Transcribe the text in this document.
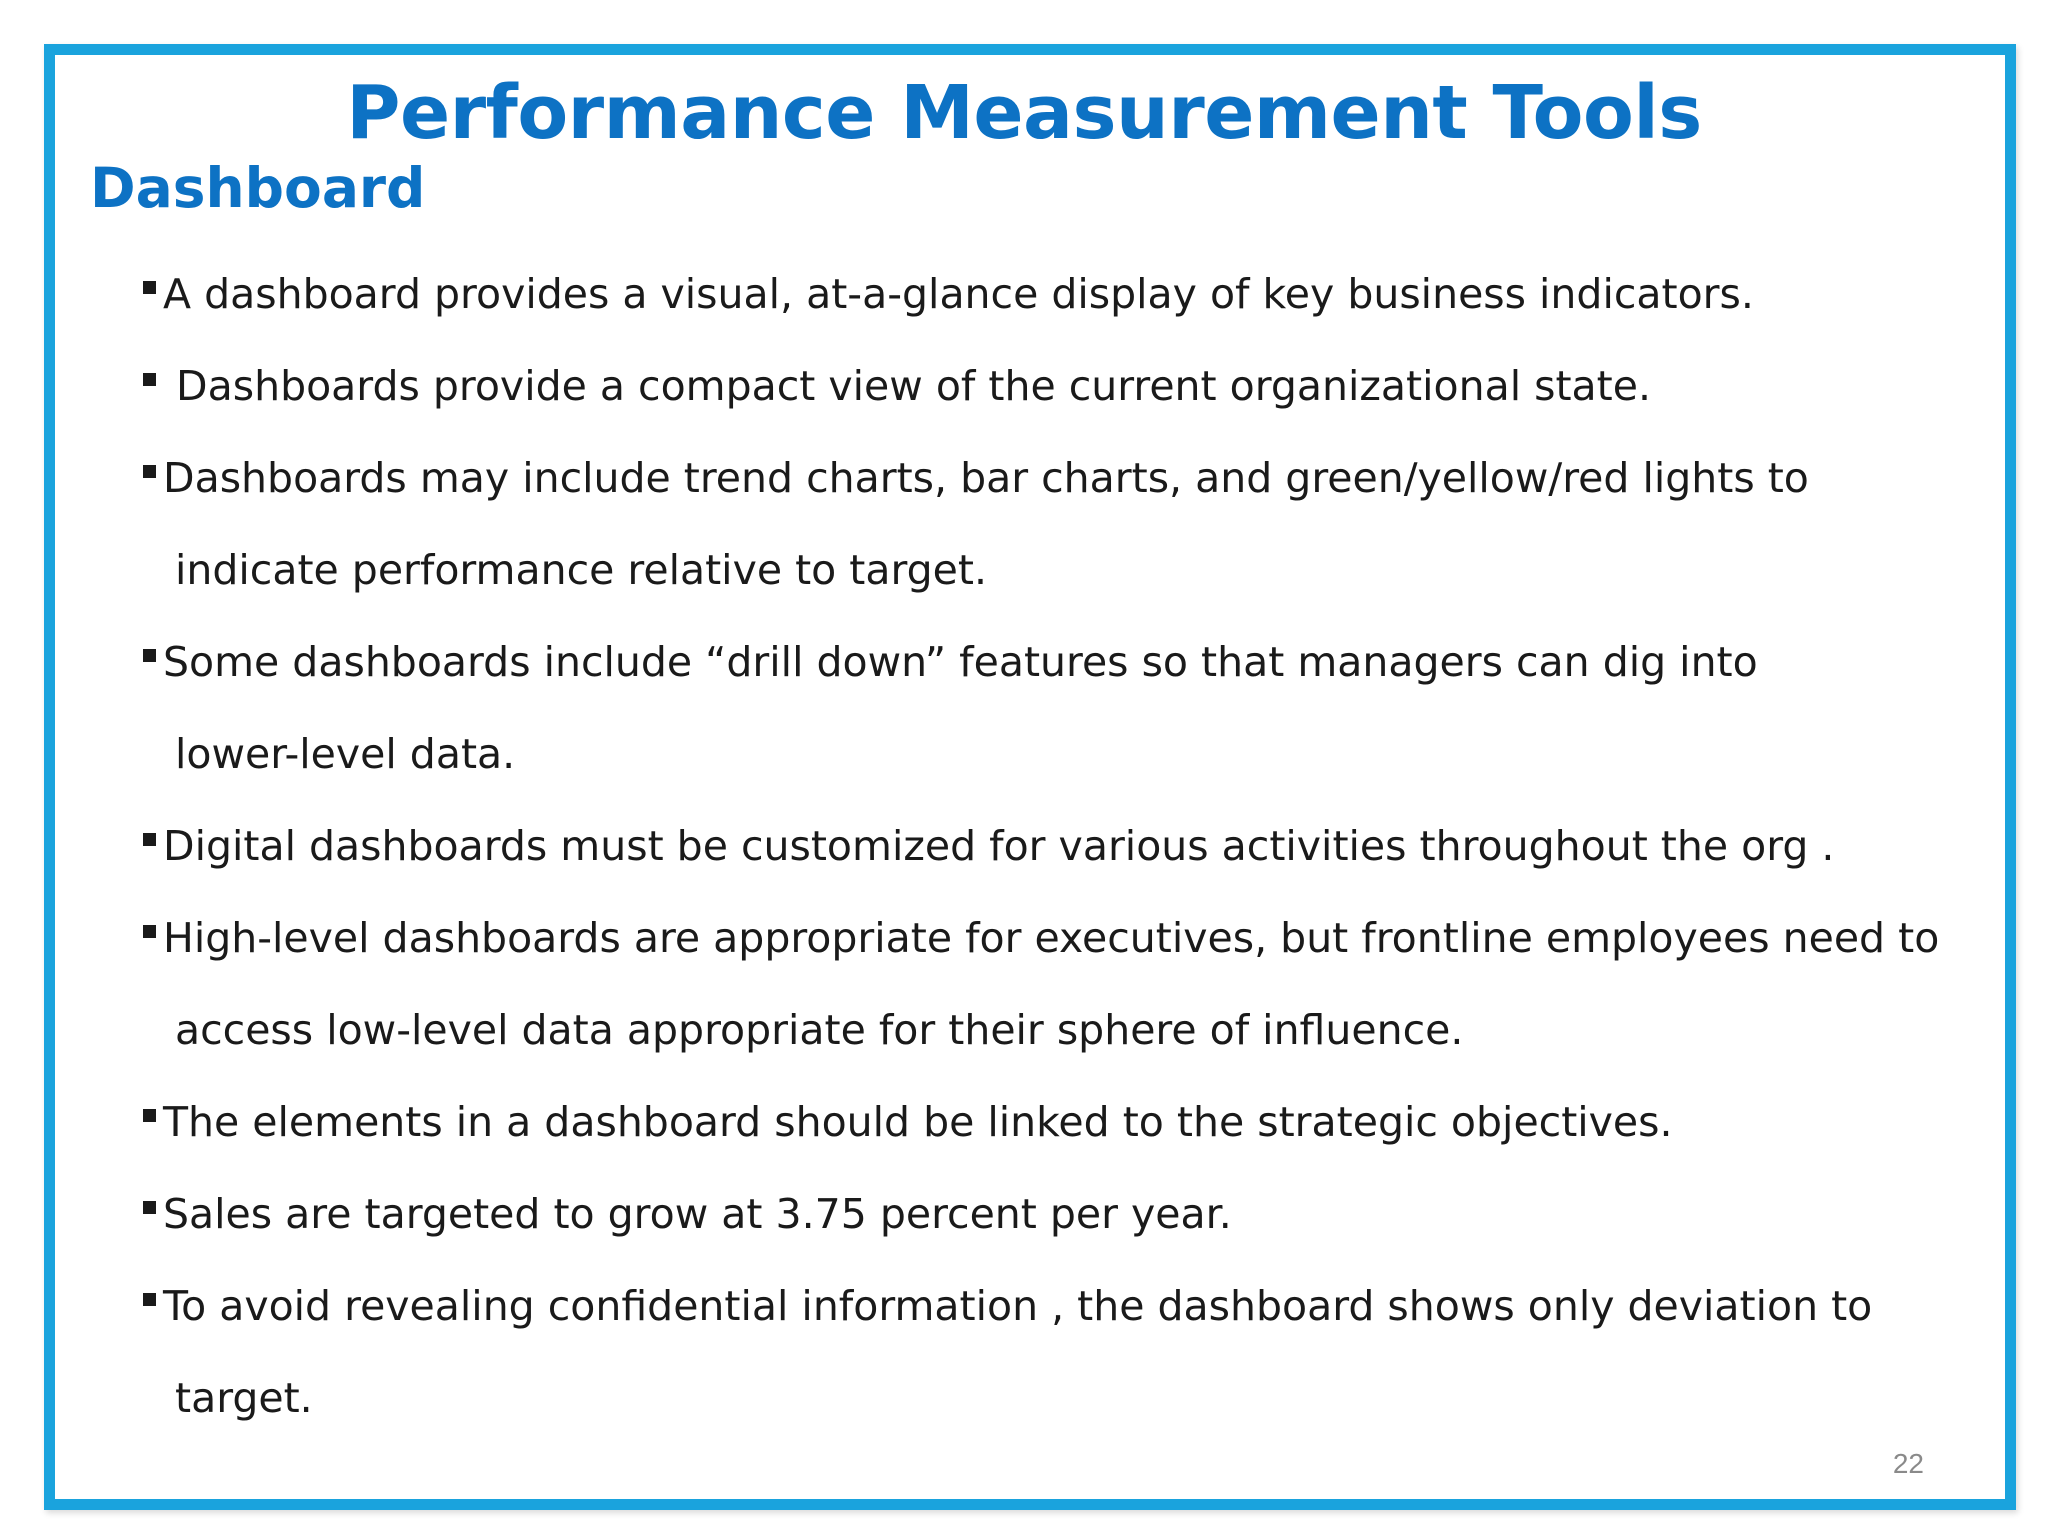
Performance Measurement Tools
Dashboard
A dashboard provides a visual, at-a-glance display of key business indicators.
Dashboards provide a compact view of the current organizational state.
Dashboards may include trend charts, bar charts, and green/yellow/red lights to
indicate performance relative to target.
Some dashboards include “drill down” features so that managers can dig into
lower-level data.
Digital dashboards must be customized for various activities throughout the org .
High-level dashboards are appropriate for executives, but frontline employees need to
access low-level data appropriate for their sphere of influence.
The elements in a dashboard should be linked to the strategic objectives.
Sales are targeted to grow at 3.75 percent per year.
To avoid revealing confidential information , the dashboard shows only deviation to
target.
22
